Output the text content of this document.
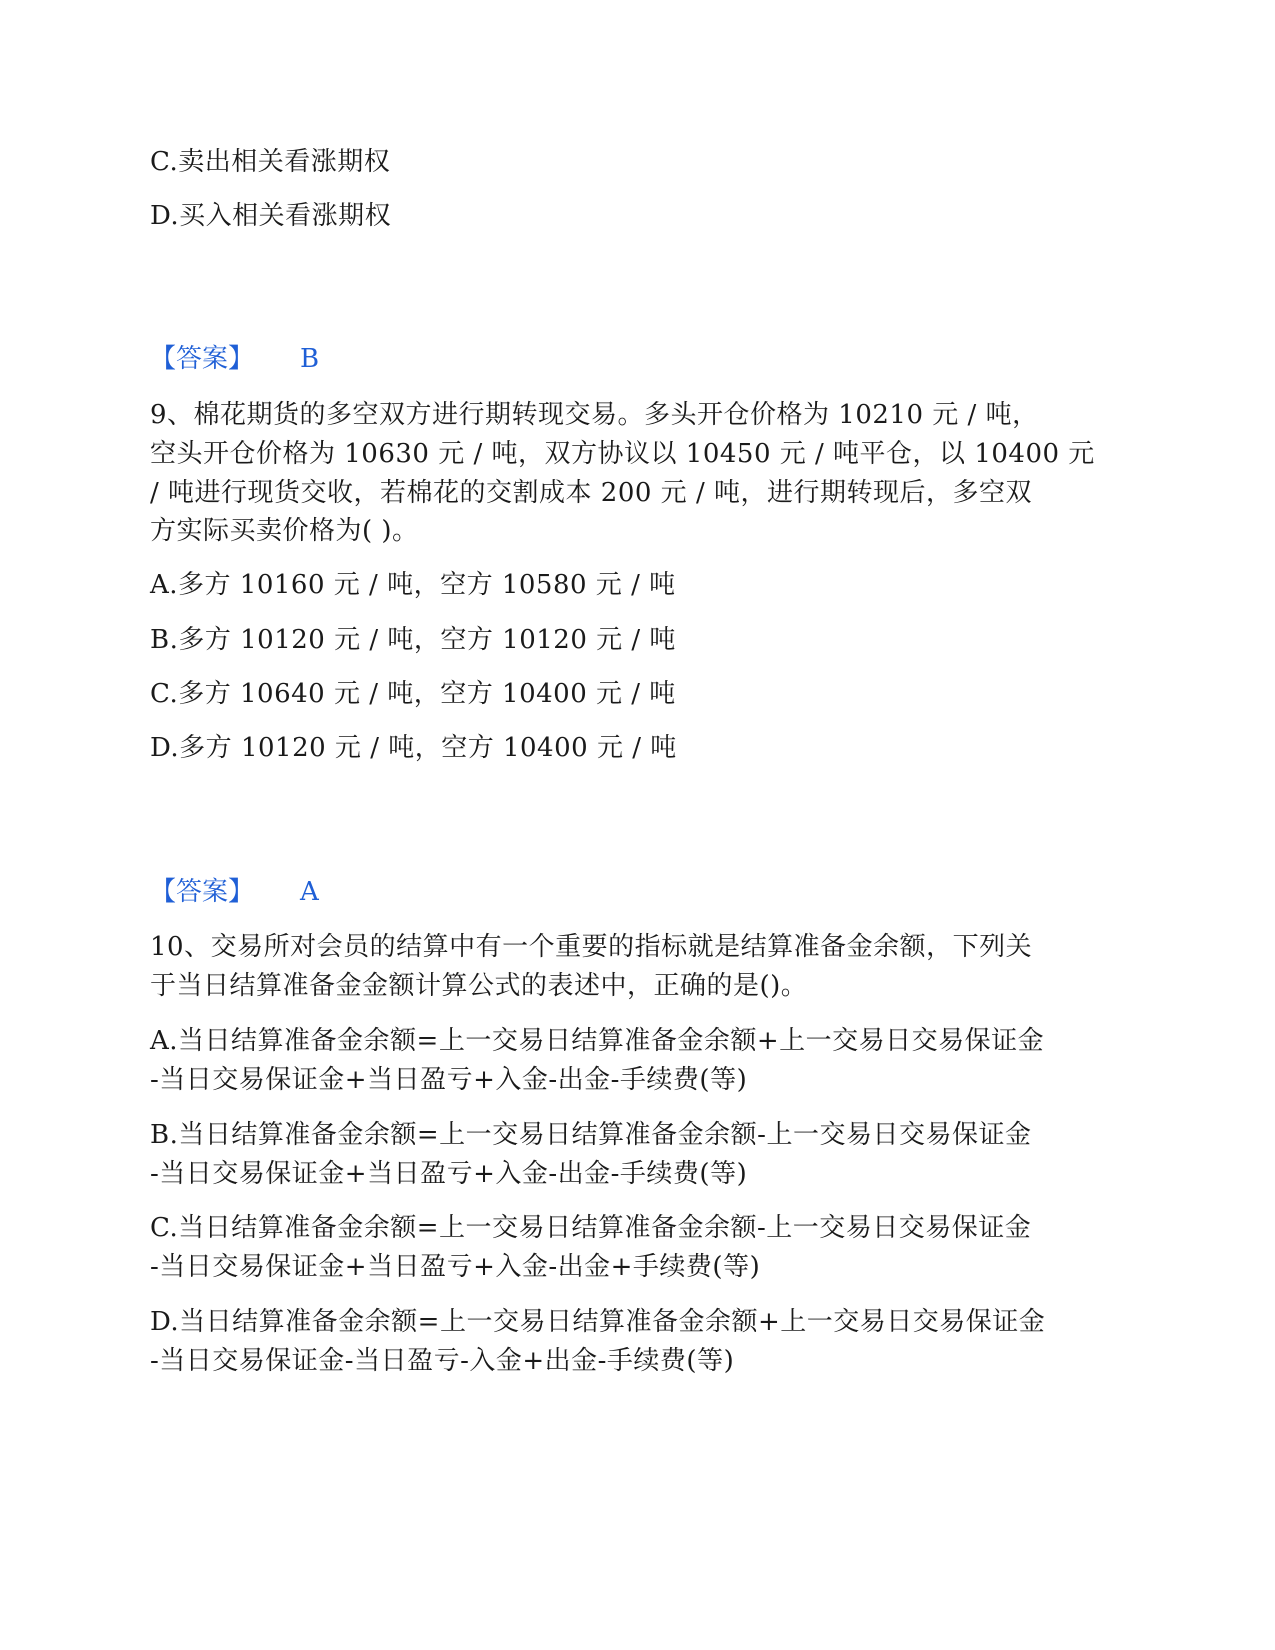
C.卖出相关看涨期权
D.买入相关看涨期权
【答案】 B
9、棉花期货的多空双方进行期转现交易。多头开仓价格为 10210 元 / 吨，
空头开仓价格为 10630 元 / 吨，双方协议以 10450 元 / 吨平仓，以 10400 元
/ 吨进行现货交收，若棉花的交割成本 200 元 / 吨，进行期转现后，多空双
方实际买卖价格为( )。
A.多方 10160 元 / 吨，空方 10580 元 / 吨
B.多方 10120 元 / 吨，空方 10120 元 / 吨
C.多方 10640 元 / 吨，空方 10400 元 / 吨
D.多方 10120 元 / 吨，空方 10400 元 / 吨
【答案】 A
10、交易所对会员的结算中有一个重要的指标就是结算准备金余额，下列关
于当日结算准备金金额计算公式的表述中，正确的是()。
A.当日结算准备金余额=上一交易日结算准备金余额+上一交易日交易保证金
-当日交易保证金+当日盈亏+入金-出金-手续费(等)
B.当日结算准备金余额=上一交易日结算准备金余额-上一交易日交易保证金
-当日交易保证金+当日盈亏+入金-出金-手续费(等)
C.当日结算准备金余额=上一交易日结算准备金余额-上一交易日交易保证金
-当日交易保证金+当日盈亏+入金-出金+手续费(等)
D.当日结算准备金余额=上一交易日结算准备金余额+上一交易日交易保证金
-当日交易保证金-当日盈亏-入金+出金-手续费(等)
